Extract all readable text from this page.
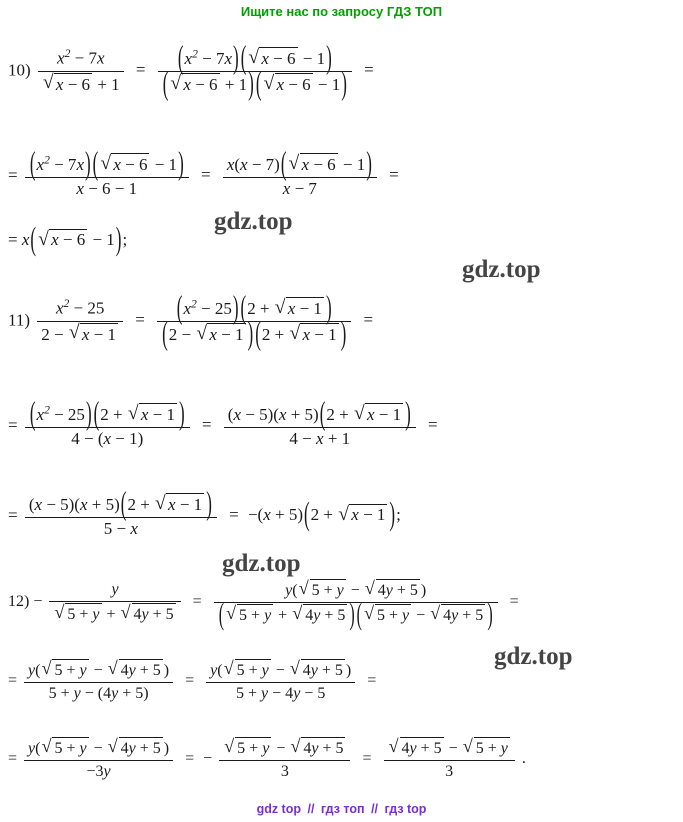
Ищите нас по запросу ГДЗ ТОП
$10) \frac{x^2 - 7x}{√ x - 6 + 1} = \frac{(x^2 - 7x) ( √ x - 6 - 1)}{( √ x - 6 + 1) ( √ x - 6 - 1)}$ =
= $\frac{(x^2 - 7x) ( √ x - 6 - 1)}{x - 6 - 1} = \frac{x(x - 7)( √ x - 6 - 1)}{x - 7}$ =
= x( √ x − 6 − 1);
$11) \frac{x^2 - 25}{2 - √ x - 1} = \frac{(x^2 - 25) (2 + √ x - 1 )}{(2 - √ x - 1 ) (2 + √ x - 1 )}$ =
= $\frac{(x^2 - 25) (2 + √ x - 1 )}{4 - (x - 1)} = \frac{(x - 5)(x + 5)(2 + √ x - 1 )}{4 - x + 1}$ =
= $\frac{(x - 5)(x + 5)(2 + √ x - 1 )}{5 - x} = -(x + 5)(2$ + √ x − 1 );
$12) - \frac{y}{√ 5 + y + √ 4y + 5} = \frac{y( √ 5 + y - √ 4y + 5 )}{( √ 5 + y + √ 4y + 5 ) ( √ 5 + y - √ 4y + 5 )}$ =
= $\frac{y( √ 5 + y - √ 4y + 5 )}{5 + y - (4y + 5)} = \frac{y( √ 5 + y - √ 4y + 5 )}{5 + y - 4y - 5}$ =
= $\frac{y( √ 5 + y - √ 4y + 5 )}{-3y}$ = − $\frac{√ 5 + y - √ 4y + 5}{3} = \frac{√ 4y + 5 - √ 5 + y}{3}$ .
gdz.top
gdz.top
gdz.top
gdz.top
gdz top // гдз топ // гдз top
